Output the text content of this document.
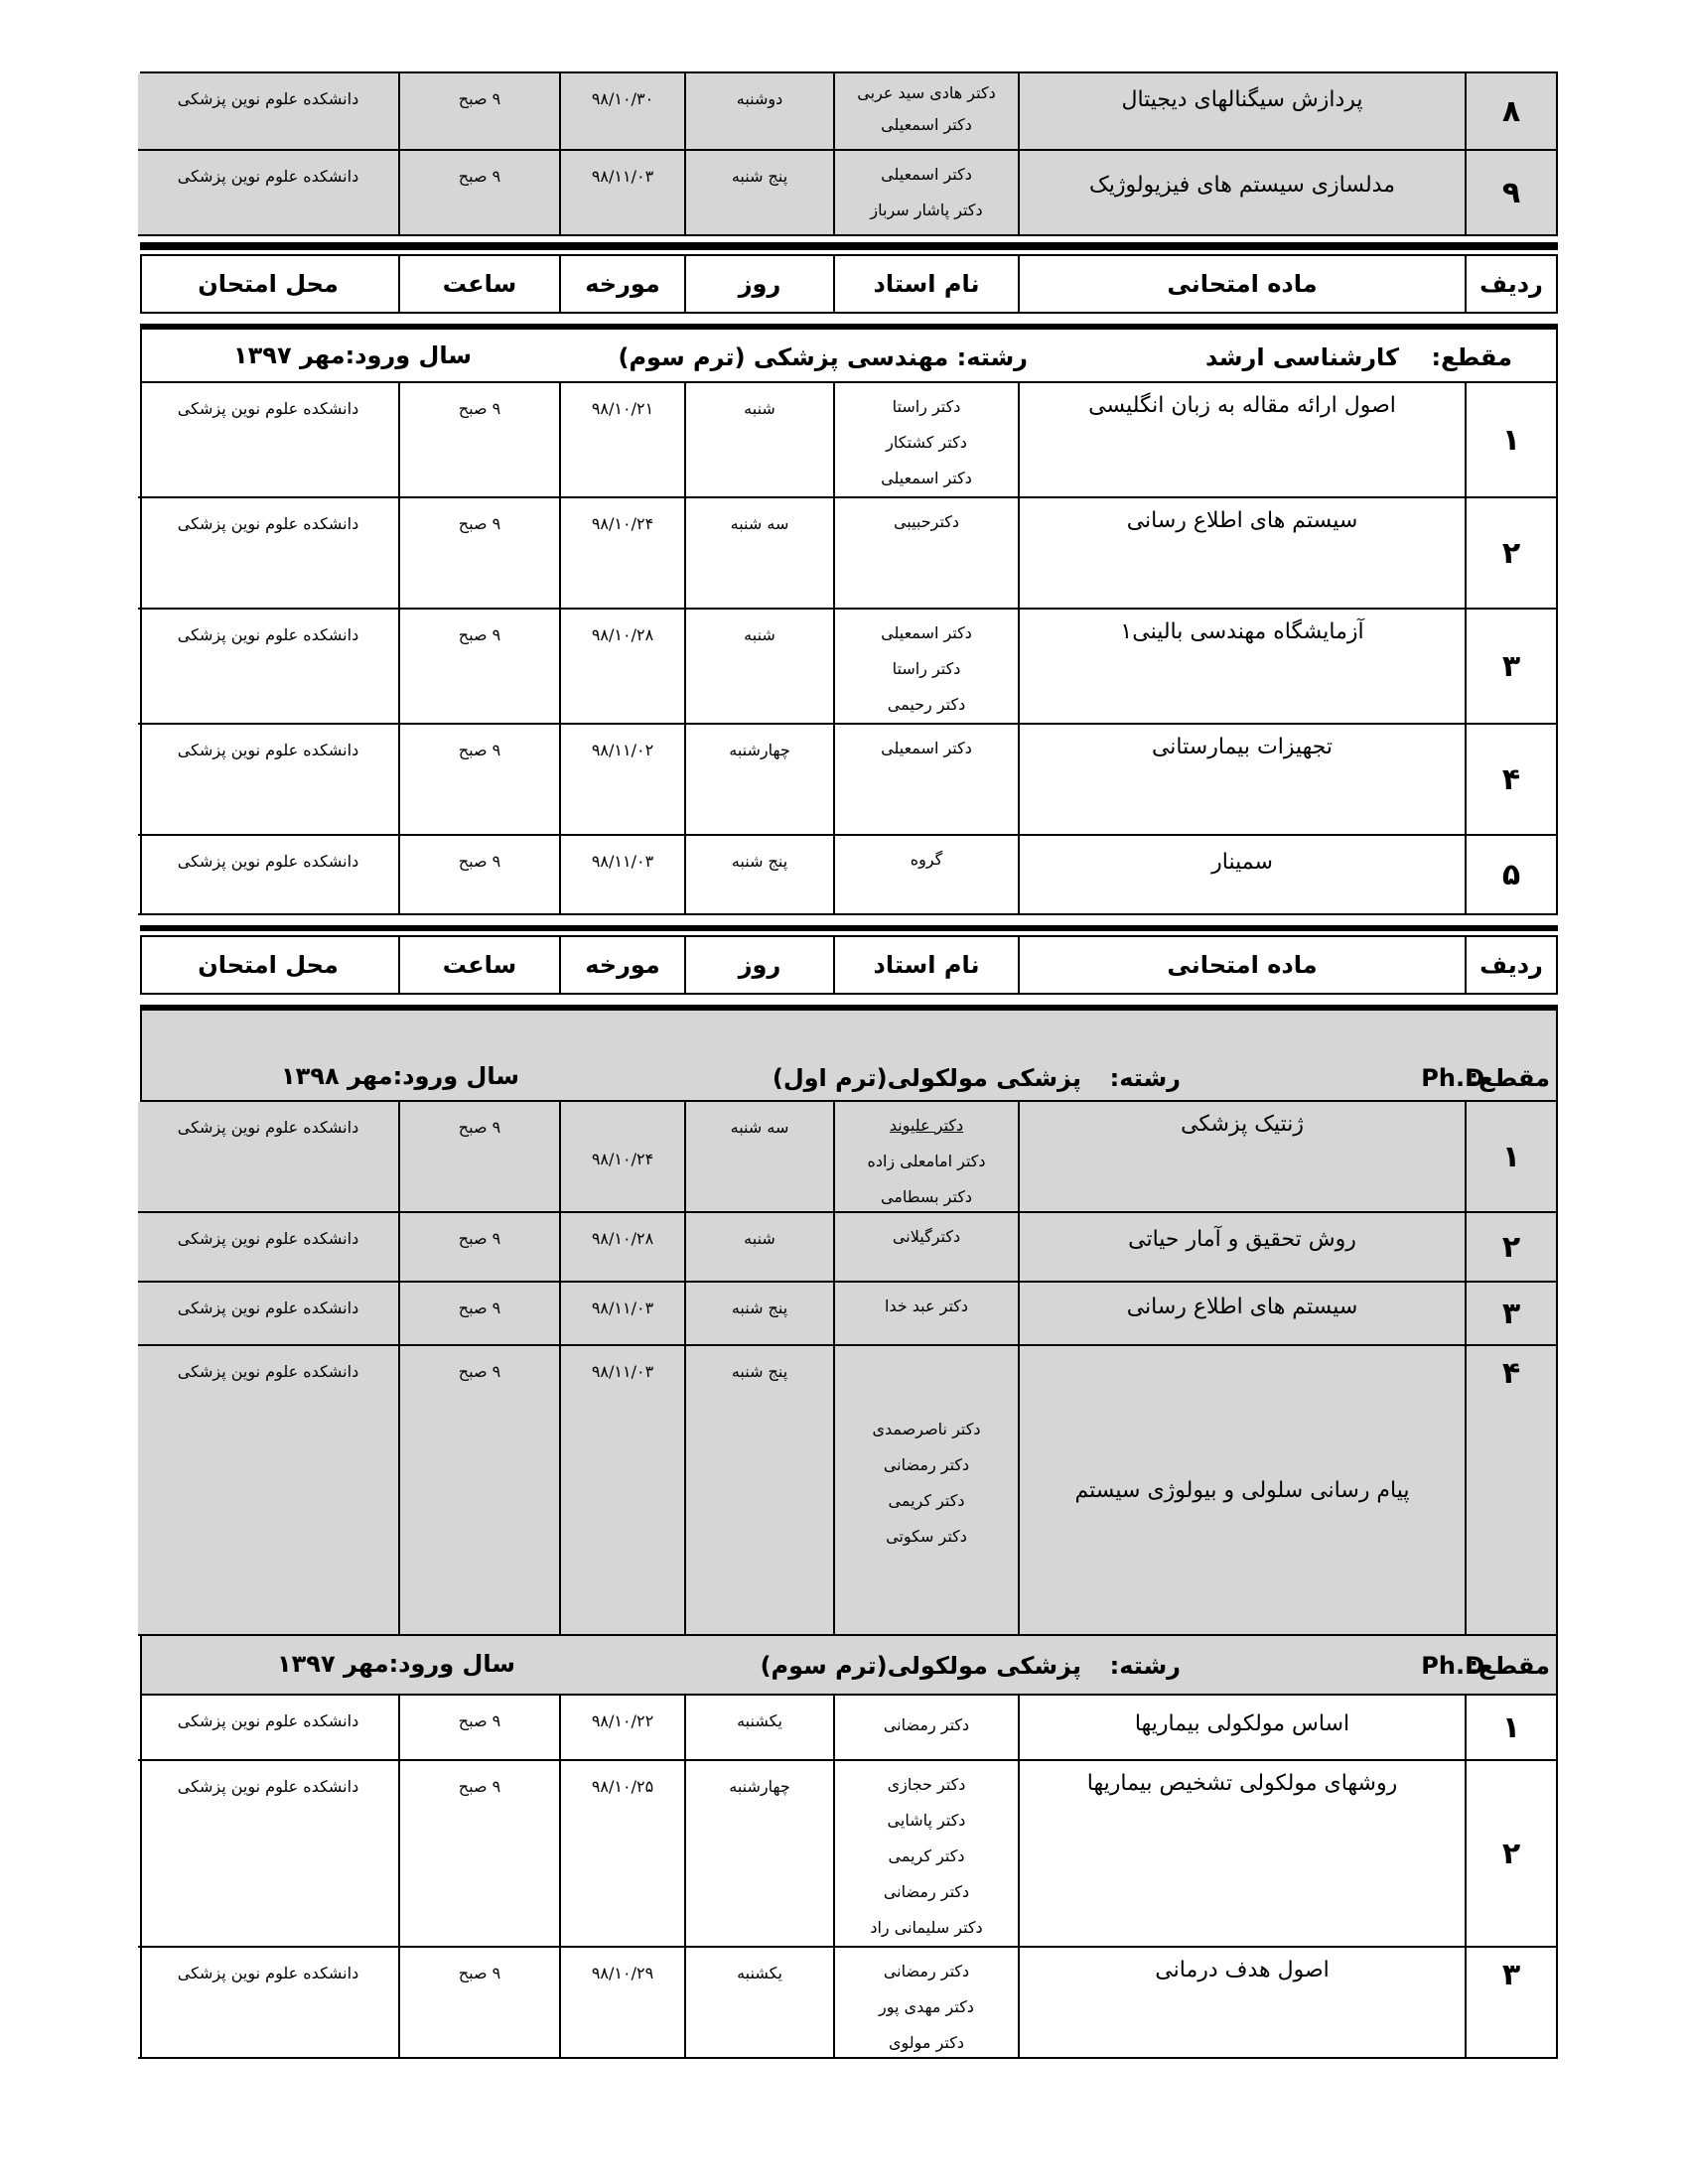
۸
پردازش سیگنالهای دیجیتال
دکتر هادی سید عربی
دکتر اسمعیلی
دوشنبه
۹۸/۱۰/۳۰
۹ صبح
دانشکده علوم نوین پزشکی
۹
مدلسازی سیستم های فیزیولوژیک
دکتر اسمعیلی
دکتر پاشار سرباز
پنج شنبه
۹۸/۱۱/۰۳
۹ صبح
دانشکده علوم نوین پزشکی
ردیف
ماده امتحانی
نام استاد
روز
مورخه
ساعت
محل امتحان
مقطع:
کارشناسی ارشد
رشته: مهندسی پزشکی (ترم سوم)
سال ورود:مهر ۱۳۹۷
۱
اصول ارائه مقاله به زبان انگلیسی
دکتر راستا
دکتر کشتکار
دکتر اسمعیلی
شنبه
۹۸/۱۰/۲۱
۹ صبح
دانشکده علوم نوین پزشکی
۲
سیستم های اطلاع رسانی
دکترحبیبی
سه شنبه
۹۸/۱۰/۲۴
۹ صبح
دانشکده علوم نوین پزشکی
۳
آزمایشگاه مهندسی بالینی۱
دکتر اسمعیلی
دکتر راستا
دکتر رحیمی
شنبه
۹۸/۱۰/۲۸
۹ صبح
دانشکده علوم نوین پزشکی
۴
تجهیزات بیمارستانی
دکتر اسمعیلی
چهارشنبه
۹۸/۱۱/۰۲
۹ صبح
دانشکده علوم نوین پزشکی
۵
سمینار
گروه
پنج شنبه
۹۸/۱۱/۰۳
۹ صبح
دانشکده علوم نوین پزشکی
ردیف
ماده امتحانی
نام استاد
روز
مورخه
ساعت
محل امتحان
مقطع:
Ph.D
رشته:
پزشکی مولکولی(ترم اول)
سال ورود:مهر ۱۳۹۸
۱
ژنتیک پزشکی
دکتر علیوند
دکتر امامعلی زاده
دکتر بسطامی
سه شنبه
۹۸/۱۰/۲۴
۹ صبح
دانشکده علوم نوین پزشکی
۲
روش تحقیق و آمار حیاتی
دکترگیلانی
شنبه
۹۸/۱۰/۲۸
۹ صبح
دانشکده علوم نوین پزشکی
۳
سیستم های اطلاع رسانی
دکتر عبد خدا
پنج شنبه
۹۸/۱۱/۰۳
۹ صبح
دانشکده علوم نوین پزشکی
۴
پیام رسانی سلولی و بیولوژی سیستم
دکتر ناصرصمدی
دکتر رمضانی
دکتر کریمی
دکتر سکوتی
پنج شنبه
۹۸/۱۱/۰۳
۹ صبح
دانشکده علوم نوین پزشکی
مقطع:
Ph.D
رشته:
پزشکی مولکولی(ترم سوم)
سال ورود:مهر ۱۳۹۷
۱
اساس مولکولی بیماریها
دکتر رمضانی
یکشنبه
۹۸/۱۰/۲۲
۹ صبح
دانشکده علوم نوین پزشکی
۲
روشهای مولکولی تشخیص بیماریها
دکتر حجازی
دکتر پاشایی
دکتر کریمی
دکتر رمضانی
دکتر سلیمانی راد
چهارشنبه
۹۸/۱۰/۲۵
۹ صبح
دانشکده علوم نوین پزشکی
۳
اصول هدف درمانی
دکتر رمضانی
دکتر مهدی پور
دکتر مولوی
یکشنبه
۹۸/۱۰/۲۹
۹ صبح
دانشکده علوم نوین پزشکی
